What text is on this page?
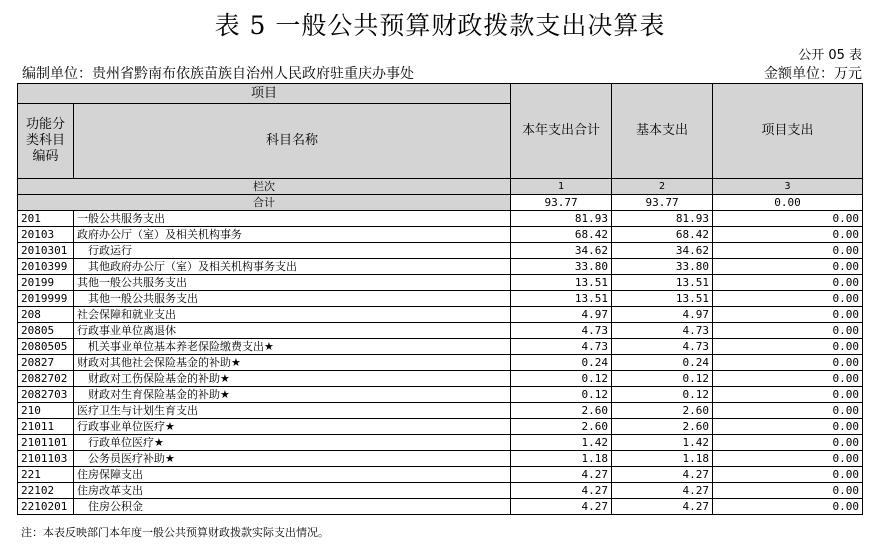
表 5 一般公共预算财政拨款支出决算表
公开 05 表
编制单位：贵州省黔南布依族苗族自治州人民政府驻重庆办事处	金额单位：万元
项目		本年支出合计	基本支出	项目支出
功能分类科目编码	科目名称			
栏次		1	2	3
合计		93.77	93.77	0.00
201	一般公共服务支出	81.93	81.93	0.00
20103	政府办公厅（室）及相关机构事务	68.42	68.42	0.00
2010301	行政运行	34.62	34.62	0.00
2010399	其他政府办公厅（室）及相关机构事务支出	33.80	33.80	0.00
20199	其他一般公共服务支出	13.51	13.51	0.00
2019999	其他一般公共服务支出	13.51	13.51	0.00
208	社会保障和就业支出	4.97	4.97	0.00
20805	行政事业单位离退休	4.73	4.73	0.00
2080505	机关事业单位基本养老保险缴费支出★	4.73	4.73	0.00
20827	财政对其他社会保险基金的补助★	0.24	0.24	0.00
2082702	财政对工伤保险基金的补助★	0.12	0.12	0.00
2082703	财政对生育保险基金的补助★	0.12	0.12	0.00
210	医疗卫生与计划生育支出	2.60	2.60	0.00
21011	行政事业单位医疗★	2.60	2.60	0.00
2101101	行政单位医疗★	1.42	1.42	0.00
2101103	公务员医疗补助★	1.18	1.18	0.00
221	住房保障支出	4.27	4.27	0.00
22102	住房改革支出	4.27	4.27	0.00
2210201	住房公积金	4.27	4.27	0.00
注：本表反映部门本年度一般公共预算财政拨款实际支出情况。
